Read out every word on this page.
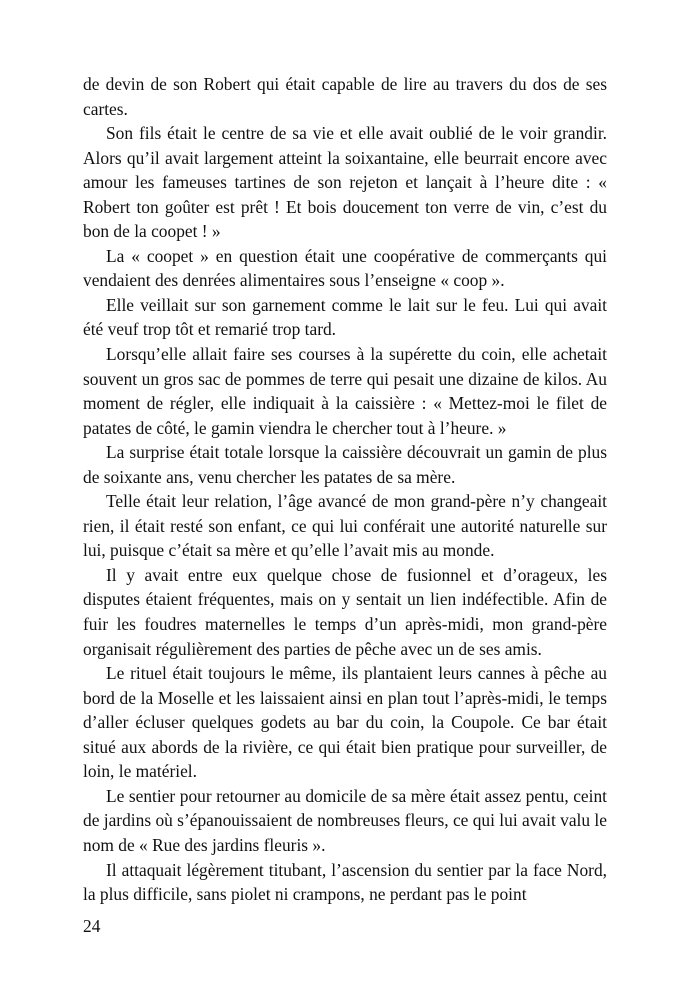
de devin de son Robert qui était capable de lire au travers du dos de ses cartes.

Son fils était le centre de sa vie et elle avait oublié de le voir grandir. Alors qu’il avait largement atteint la soixantaine, elle beurrait encore avec amour les fameuses tartines de son rejeton et lançait à l’heure dite : « Robert ton goûter est prêt ! Et bois doucement ton verre de vin, c’est du bon de la coopet ! »

La « coopet » en question était une coopérative de commerçants qui vendaient des denrées alimentaires sous l’enseigne « coop ».

Elle veillait sur son garnement comme le lait sur le feu. Lui qui avait été veuf trop tôt et remarié trop tard.

Lorsqu’elle allait faire ses courses à la supérette du coin, elle achetait souvent un gros sac de pommes de terre qui pesait une dizaine de kilos. Au moment de régler, elle indiquait à la caissière : « Mettez-moi le filet de patates de côté, le gamin viendra le chercher tout à l’heure. »

La surprise était totale lorsque la caissière découvrait un gamin de plus de soixante ans, venu chercher les patates de sa mère.

Telle était leur relation, l’âge avancé de mon grand-père n’y changeait rien, il était resté son enfant, ce qui lui conférait une autorité naturelle sur lui, puisque c’était sa mère et qu’elle l’avait mis au monde.

Il y avait entre eux quelque chose de fusionnel et d’orageux, les disputes étaient fréquentes, mais on y sentait un lien indéfectible. Afin de fuir les foudres maternelles le temps d’un après-midi, mon grand-père organisait régulièrement des parties de pêche avec un de ses amis.

Le rituel était toujours le même, ils plantaient leurs cannes à pêche au bord de la Moselle et les laissaient ainsi en plan tout l’après-midi, le temps d’aller écluser quelques godets au bar du coin, la Coupole. Ce bar était situé aux abords de la rivière, ce qui était bien pratique pour surveiller, de loin, le matériel.

Le sentier pour retourner au domicile de sa mère était assez pentu, ceint de jardins où s’épanouissaient de nombreuses fleurs, ce qui lui avait valu le nom de « Rue des jardins fleuris ».

Il attaquait légèrement titubant, l’ascension du sentier par la face Nord, la plus difficile, sans piolet ni crampons, ne perdant pas le point

24
